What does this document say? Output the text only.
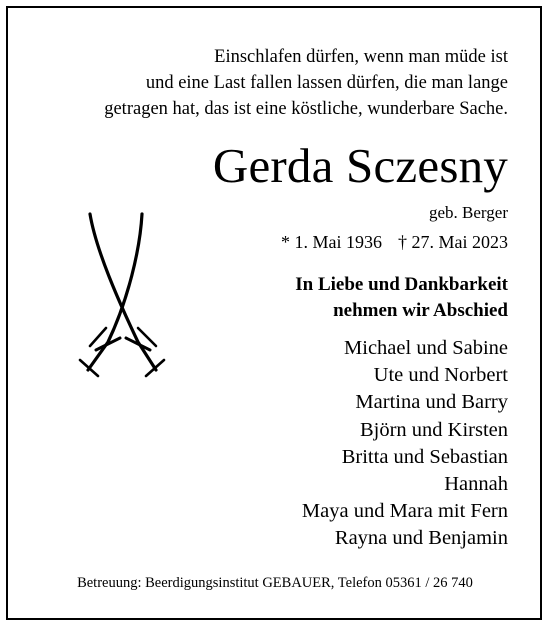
Einschlafen dürfen, wenn man müde ist
und eine Last fallen lassen dürfen, die man lange
getragen hat, das ist eine köstliche, wunderbare Sache.
Gerda Sczesny
geb. Berger
* 1. Mai 1936 † 27. Mai 2023
In Liebe und Dankbarkeit
nehmen wir Abschied
Michael und Sabine
Ute und Norbert
Martina und Barry
Björn und Kirsten
Britta und Sebastian
Hannah
Maya und Mara mit Fern
Rayna und Benjamin
Betreuung: Beerdigungsinstitut GEBAUER, Telefon 05361 / 26 740
